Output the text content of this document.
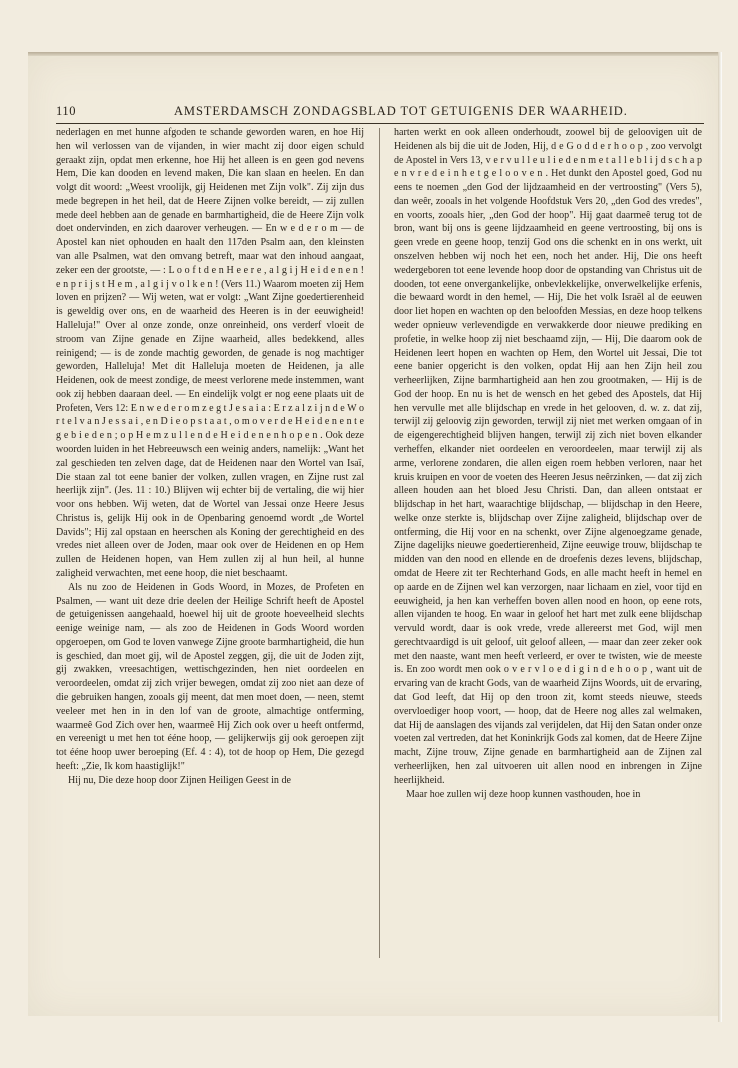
110	AMSTERDAMSCH ZONDAGSBLAD TOT GETUIGENIS DER WAARHEID.

nederlagen en met hunne afgoden te schande geworden waren, en hoe Hij hen wil verlossen van de vijanden, in wier macht zij door eigen schuld geraakt zijn, opdat men erkenne, hoe Hij het alleen is en geen god nevens Hem, Die kan dooden en levend maken, Die kan slaan en heelen. En dan volgt dit woord: „Weest vroolijk, gij Heidenen met Zijn volk". Zij zijn dus mede begrepen in het heil, dat de Heere Zijnen volke bereidt, — zij zullen mede deel hebben aan de genade en barmhartigheid, die de Heere Zijn volk doet ondervinden, en zich daarover verheugen. — En w e d e r o m — de Apostel kan niet ophouden en haalt den 117den Psalm aan, den kleinsten van alle Psalmen, wat den omvang betreft, maar wat den inhoud aangaat, zeker een der grootste, — : L o o f t d e n H e e r e , a l g i j H e i d e n e n ! e n p r i j s t H e m , a l g i j v o l k e n ! (Vers 11.) Waarom moeten zij Hem loven en prijzen? — Wij weten, wat er volgt: „Want Zijne goedertierenheid is geweldig over ons, en de waarheid des Heeren is in der eeuwigheid! Halleluja!" Over al onze zonde, onze onreinheid, ons verderf vloeit de stroom van Zijne genade en Zijne waarheid, alles bedekkend, alles reinigend; — is de zonde machtig geworden, de genade is nog machtiger geworden, Halleluja! Met dit Halleluja moeten de Heidenen, ja alle Heidenen, ook de meest zondige, de meest verlorene mede instemmen, want ook zij hebben daaraan deel. — En eindelijk volgt er nog eene plaats uit de Profeten, Vers 12: E n w e d e r o m z e g t J e s a i a : E r z a l z i j n d e W o r t e l v a n J e s s a i , e n D i e o p s t a a t , o m o v e r d e H e i d e n e n t e g e b i e d e n ; o p H e m z u l l e n d e H e i d e n e n h o p e n . Ook deze woorden luiden in het Hebreeuwsch een weinig anders, namelijk: „Want het zal geschieden ten zelven dage, dat de Heidenen naar den Wortel van Isaï, Die staan zal tot eene banier der volken, zullen vragen, en Zijne rust zal heerlijk zijn". (Jes. 11 : 10.) Blijven wij echter bij de vertaling, die wij hier voor ons hebben. Wij weten, dat de Wortel van Jessai onze Heere Jesus Christus is, gelijk Hij ook in de Openbaring genoemd wordt „de Wortel Davids"; Hij zal opstaan en heerschen als Koning der gerechtigheid en des vredes niet alleen over de Joden, maar ook over de Heidenen en op Hem zullen de Heidenen hopen, van Hem zullen zij al hun heil, al hunne zaligheid verwachten, met eene hoop, die niet beschaamt.

Als nu zoo de Heidenen in Gods Woord, in Mozes, de Profeten en Psalmen, — want uit deze drie deelen der Heilige Schrift heeft de Apostel de getuigenissen aangehaald, hoewel hij uit de groote hoeveelheid slechts eenige weinige nam, — als zoo de Heidenen in Gods Woord worden opgeroepen, om God te loven vanwege Zijne groote barmhartigheid, die hun is geschied, dan moet gij, wil de Apostel zeggen, gij, die uit de Joden zijt, gij zwakken, vreesachtigen, wettischgezinden, hen niet oordeelen en veroordeelen, omdat zij zich vrijer bewegen, omdat zij zoo niet aan deze of die gebruiken hangen, zooals gij meent, dat men moet doen, — neen, stemt veeleer met hen in in den lof van de groote, almachtige ontferming, waarmeê God Zich over hen, waarmeê Hij Zich ook over u heeft ontfermd, en vereenigt u met hen tot ééne hoop, — gelijkerwijs gij ook geroepen zijt tot ééne hoop uwer beroeping (Ef. 4 : 4), tot de hoop op Hem, Die gezegd heeft: „Zie, Ik kom haastiglijk!"

Hij nu, Die deze hoop door Zijnen Heiligen Geest in de

harten werkt en ook alleen onderhoudt, zoowel bij de geloovigen uit de Heidenen als bij die uit de Joden, Hij, d e G o d d e r h o o p , zoo vervolgt de Apostel in Vers 13, v e r v u l l e u l i e d e n m e t a l l e b l i j d s c h a p e n v r e d e i n h e t g e l o o v e n . Het dunkt den Apostel goed, God nu eens te noemen „den God der lijdzaamheid en der vertroosting" (Vers 5), dan weêr, zooals in het volgende Hoofdstuk Vers 20, „den God des vredes", en voorts, zooals hier, „den God der hoop". Hij gaat daarmeê terug tot de bron, want bij ons is geene lijdzaamheid en geene vertroosting, bij ons is geen vrede en geene hoop, tenzij God ons die schenkt en in ons werkt, uit onszelven hebben wij noch het een, noch het ander. Hij, Die ons heeft wedergeboren tot eene levende hoop door de opstanding van Christus uit de dooden, tot eene onvergankelijke, onbevlekkelijke, onverwelkelijke erfenis, die bewaard wordt in den hemel, — Hij, Die het volk Israël al de eeuwen door liet hopen en wachten op den beloofden Messias, en deze hoop telkens weder opnieuw verlevendigde en verwakkerde door nieuwe prediking en profetie, in welke hoop zij niet beschaamd zijn, — Hij, Die daarom ook de Heidenen leert hopen en wachten op Hem, den Wortel uit Jessai, Die tot eene banier opgericht is den volken, opdat Hij aan hen Zijn heil zou verheerlijken, Zijne barmhartigheid aan hen zou grootmaken, — Hij is de God der hoop. En nu is het de wensch en het gebed des Apostels, dat Hij hen vervulle met alle blijdschap en vrede in het gelooven, d. w. z. dat zij, terwijl zij geloovig zijn geworden, terwijl zij niet met werken omgaan of in de eigengerechtigheid blijven hangen, terwijl zij zich niet boven elkander verheffen, elkander niet oordeelen en veroordeelen, maar terwijl zij als arme, verlorene zondaren, die allen eigen roem hebben verloren, naar het kruis kruipen en voor de voeten des Heeren Jesus neêrzinken, — dat zij zich alleen houden aan het bloed Jesu Christi. Dan, dan alleen ontstaat er blijdschap in het hart, waarachtige blijdschap, — blijdschap in den Heere, welke onze sterkte is, blijdschap over Zijne zaligheid, blijdschap over de ontferming, die Hij voor en na schenkt, over Zijne algenoegzame genade, Zijne dagelijks nieuwe goedertierenheid, Zijne eeuwige trouw, blijdschap te midden van den nood en ellende en de droefenis dezes levens, blijdschap, omdat de Heere zit ter Rechterhand Gods, en alle macht heeft in hemel en op aarde en de Zijnen wel kan verzorgen, naar lichaam en ziel, voor tijd en eeuwigheid, ja hen kan verheffen boven allen nood en hoon, op eene rots, allen vijanden te hoog. En waar in geloof het hart met zulk eene blijdschap vervuld wordt, daar is ook vrede, vrede allereerst met God, wijl men gerechtvaardigd is uit geloof, uit geloof alleen, — maar dan zeer zeker ook met den naaste, want men heeft verleerd, er over te twisten, wie de meeste is. En zoo wordt men ook o v e r v l o e d i g i n d e h o o p , want uit de ervaring van de kracht Gods, van de waarheid Zijns Woords, uit de ervaring, dat God leeft, dat Hij op den troon zit, komt steeds nieuwe, steeds overvloediger hoop voort, — hoop, dat de Heere nog alles zal welmaken, dat Hij de aanslagen des vijands zal verijdelen, dat Hij den Satan onder onze voeten zal vertreden, dat het Koninkrijk Gods zal komen, dat de Heere Zijne macht, Zijne trouw, Zijne genade en barmhartigheid aan de Zijnen zal verheerlijken, hen zal uitvoeren uit allen nood en inbrengen in Zijne heerlijkheid.

Maar hoe zullen wij deze hoop kunnen vasthouden, hoe in
